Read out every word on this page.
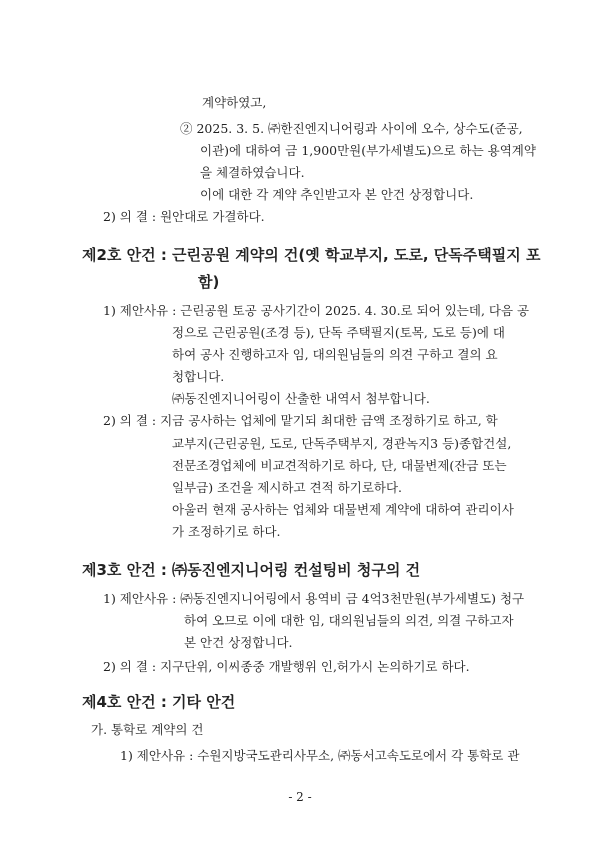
계약하였고,
② 2025. 3. 5. ㈜한진엔지니어링과 사이에 오수, 상수도(준공,
이관)에 대하여 금 1,900만원(부가세별도)으로 하는 용역계약
을 체결하였습니다.
이에 대한 각 계약 추인받고자 본 안건 상정합니다.
2) 의 결 : 원안대로 가결하다.
제2호 안건 : 근린공원 계약의 건(옛 학교부지, 도로, 단독주택필지 포
함)
1) 제안사유 : 근린공원 토공 공사기간이 2025. 4. 30.로 되어 있는데, 다음 공
정으로 근린공원(조경 등), 단독 주택필지(토목, 도로 등)에 대
하여 공사 진행하고자 임, 대의원님들의 의견 구하고 결의 요
청합니다.
㈜동진엔지니어링이 산출한 내역서 첨부합니다.
2) 의 결 : 지금 공사하는 업체에 맡기되 최대한 금액 조정하기로 하고, 학
교부지(근린공원, 도로, 단독주택부지, 경관녹지3 등)종합건설,
전문조경업체에 비교견적하기로 하다, 단, 대물변제(잔금 또는
일부금) 조건을 제시하고 견적 하기로하다.
아울러 현재 공사하는 업체와 대물변제 계약에 대하여 관리이사
가 조정하기로 하다.
제3호 안건 : ㈜동진엔지니어링 컨설팅비 청구의 건
1) 제안사유 : ㈜동진엔지니어링에서 용역비 금 4억3천만원(부가세별도) 청구
하여 오므로 이에 대한 임, 대의원님들의 의견, 의결 구하고자
본 안건 상정합니다.
2) 의 결 : 지구단위, 이씨종중 개발행위 인,허가시 논의하기로 하다.
제4호 안건 : 기타 안건
가. 통학로 계약의 건
1) 제안사유 : 수원지방국도관리사무소, ㈜동서고속도로에서 각 통학로 관
- 2 -
